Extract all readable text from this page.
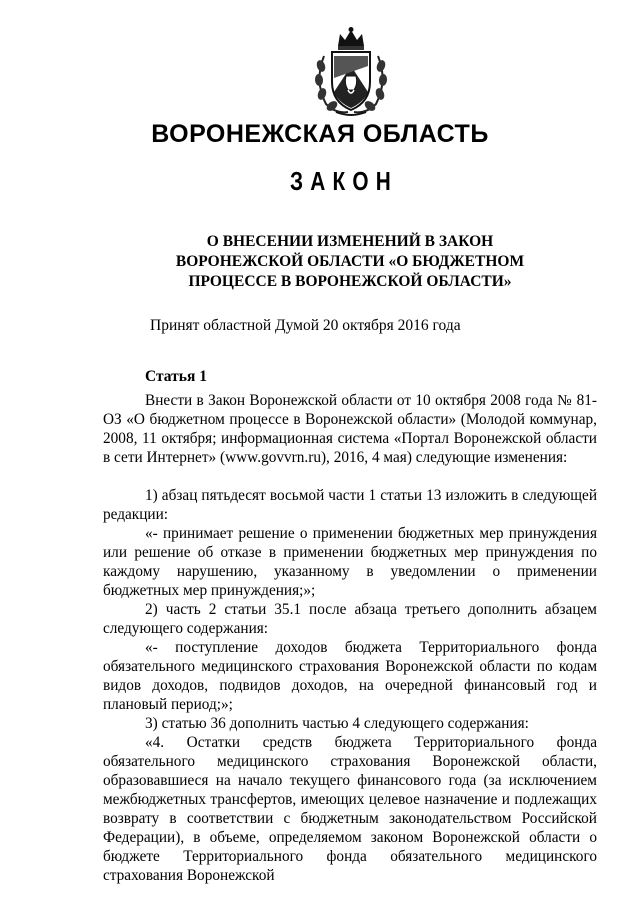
ВОРОНЕЖСКАЯ ОБЛАСТЬ
ЗАКОН
О ВНЕСЕНИИ ИЗМЕНЕНИЙ В ЗАКОН
ВОРОНЕЖСКОЙ ОБЛАСТИ «О БЮДЖЕТНОМ
ПРОЦЕССЕ В ВОРОНЕЖСКОЙ ОБЛАСТИ»
Принят областной Думой 20 октября 2016 года
Статья 1

Внести в Закон Воронежской области от 10 октября 2008 года № 81-ОЗ «О бюджетном процессе в Воронежской области» (Молодой коммунар, 2008, 11 октября; информационная система «Портал Воронежской области в сети Интернет» (www.govvrn.ru), 2016, 4 мая) следующие изменения:

1) абзац пятьдесят восьмой части 1 статьи 13 изложить в следующей редакции:

«- принимает решение о применении бюджетных мер принуждения или решение об отказе в применении бюджетных мер принуждения по каждому нарушению, указанному в уведомлении о применении бюджетных мер принуждения;»;

2) часть 2 статьи 35.1 после абзаца третьего дополнить абзацем следующего содержания:

«- поступление доходов бюджета Территориального фонда обязательного медицинского страхования Воронежской области по кодам видов доходов, подвидов доходов, на очередной финансовый год и плановый период;»;

3) статью 36 дополнить частью 4 следующего содержания:

«4. Остатки средств бюджета Территориального фонда обязательного медицинского страхования Воронежской области, образовавшиеся на начало текущего финансового года (за исключением межбюджетных трансфертов, имеющих целевое назначение и подлежащих возврату в соответствии с бюджетным законодательством Российской Федерации), в объеме, определяемом законом Воронежской области о бюджете Территориального фонда обязательного медицинского страхования Воронежской
